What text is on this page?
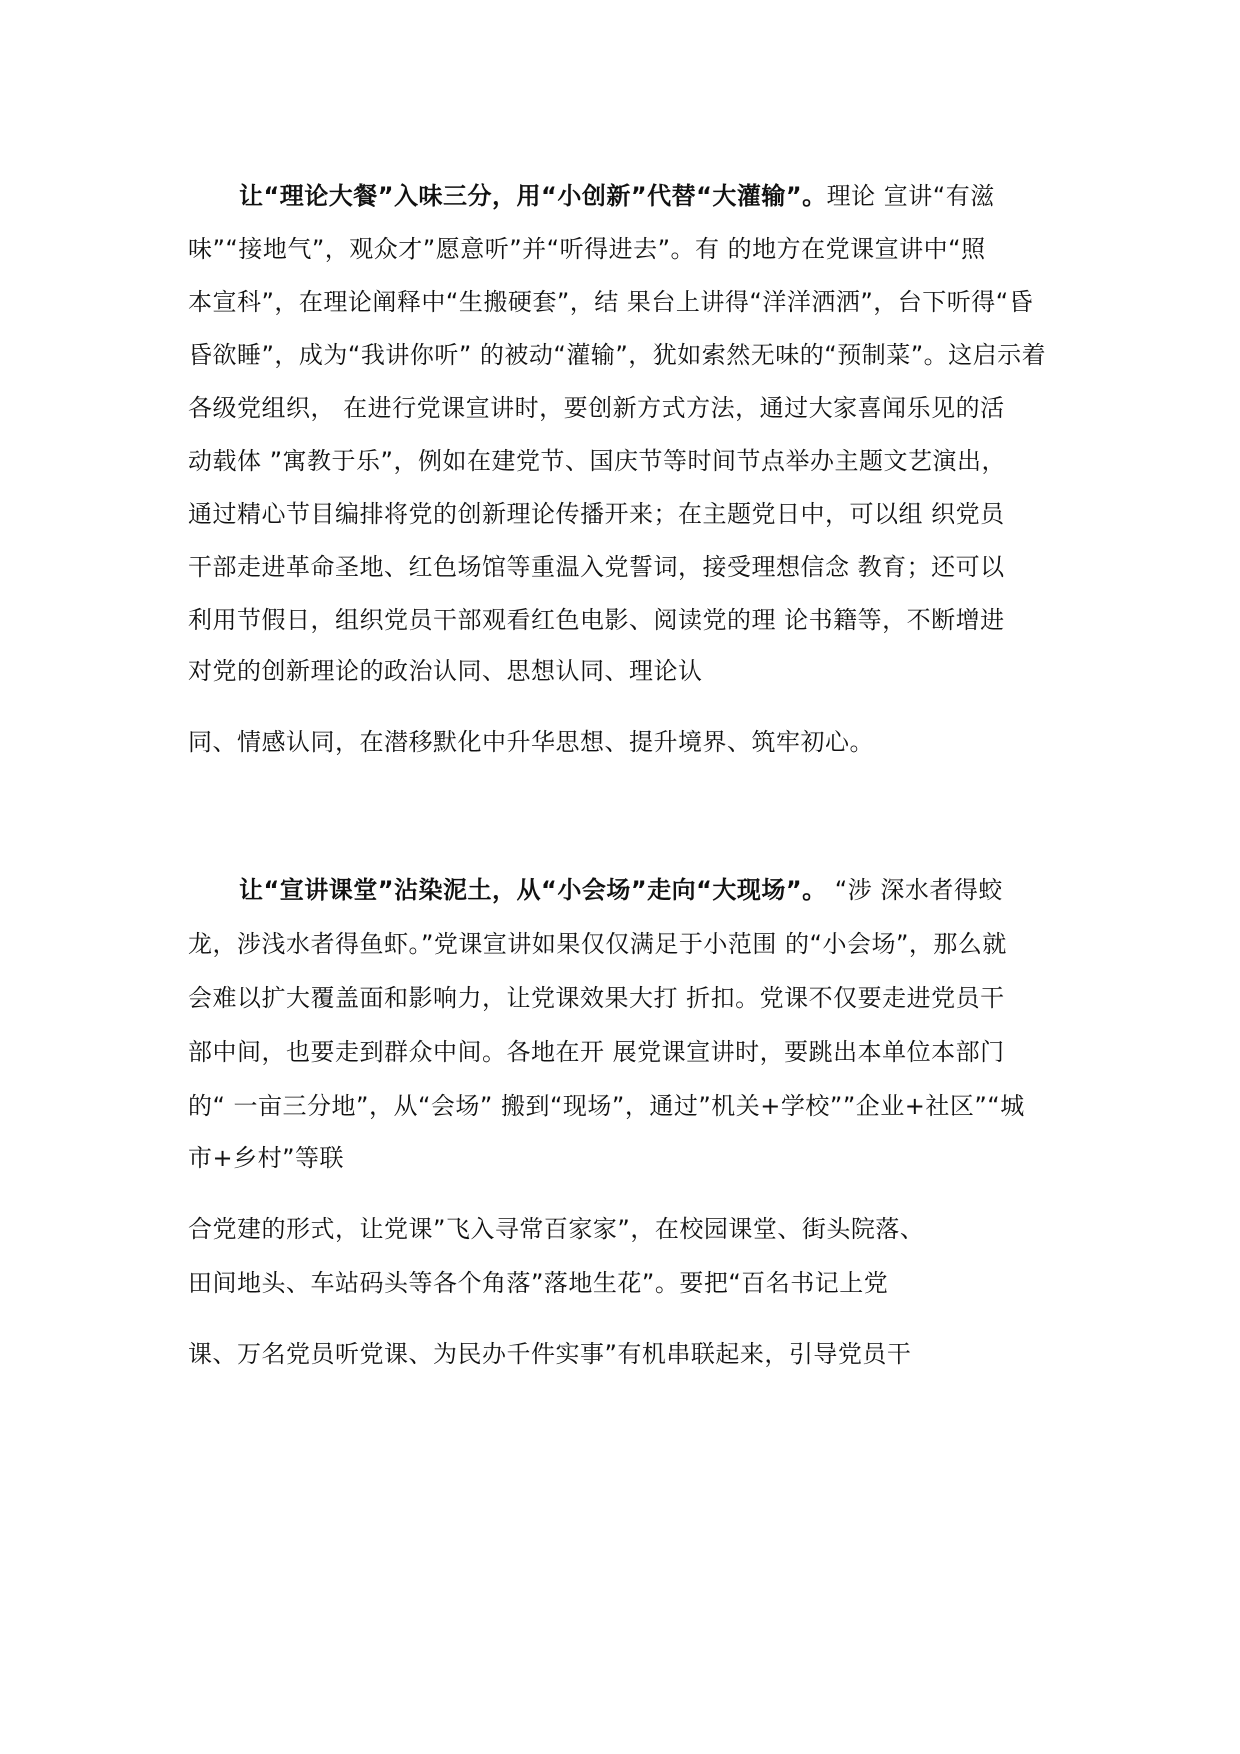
让“理论大餐”入味三分，用“小创新”代替“大灌输”。理论 宣讲“有滋
味”“接地气”，观众才”愿意听”并“听得进去”。有 的地方在党课宣讲中“照
本宣科”，在理论阐释中“生搬硬套”，结 果台上讲得“洋洋洒洒”，台下听得“昏
昏欲睡”，成为“我讲你听” 的被动“灌输”，犹如索然无味的“预制菜”。这启示着
各级党组织， 在进行党课宣讲时，要创新方式方法，通过大家喜闻乐见的活
动载体 ”寓教于乐”，例如在建党节、国庆节等时间节点举办主题文艺演出，
通过精心节目编排将党的创新理论传播开来；在主题党日中，可以组 织党员
干部走进革命圣地、红色场馆等重温入党誓词，接受理想信念 教育；还可以
利用节假日，组织党员干部观看红色电影、阅读党的理 论书籍等，不断增进
对党的创新理论的政治认同、思想认同、理论认
同、情感认同，在潜移默化中升华思想、提升境界、筑牢初心。
让“宣讲课堂”沾染泥土，从“小会场”走向“大现场”。 “涉 深水者得蛟
龙，涉浅水者得鱼虾。”党课宣讲如果仅仅满足于小范围 的“小会场”，那么就
会难以扩大覆盖面和影响力，让党课效果大打 折扣。党课不仅要走进党员干
部中间，也要走到群众中间。各地在开 展党课宣讲时，要跳出本单位本部门
的“ 一亩三分地”，从“会场” 搬到“现场”，通过”机关+学校””企业+社区”“城
市+乡村”等联
合党建的形式，让党课”飞入寻常百家家”，在校园课堂、街头院落、
田间地头、车站码头等各个角落”落地生花”。要把“百名书记上党
课、万名党员听党课、为民办千件实事”有机串联起来，引导党员干
